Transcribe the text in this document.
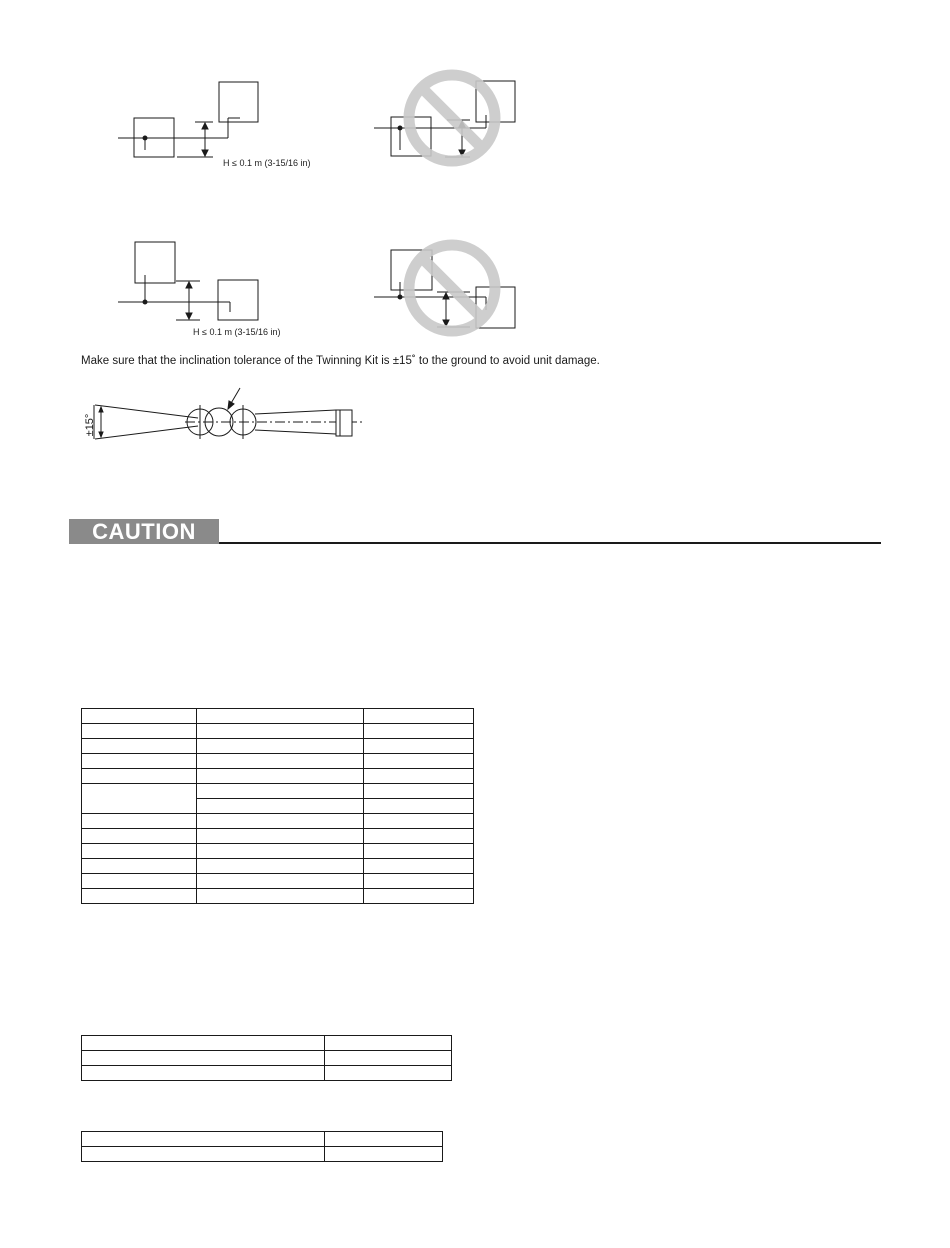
H ≤ 0.1 m (3-15/16 in)
H ≤ 0.1 m (3-15/16 in)
Make sure that the inclination tolerance of the Twinning Kit is ±15˚ to the ground to avoid unit damage.
±15°
CAUTION
